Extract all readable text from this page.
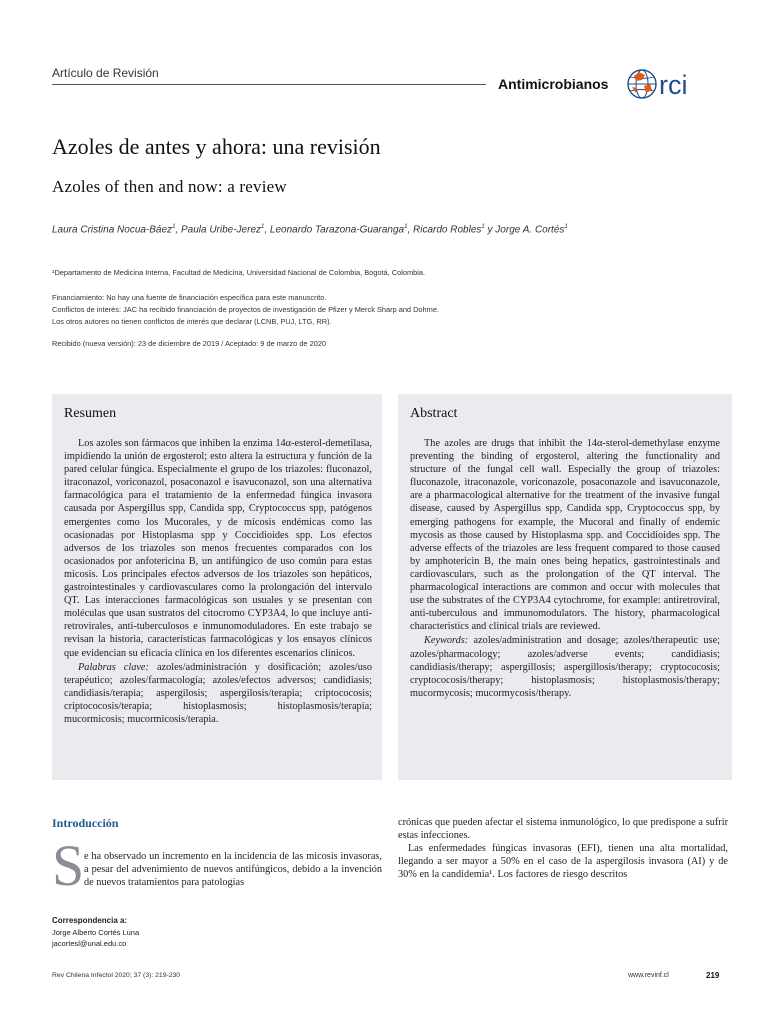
Artículo de Revisión
Antimicrobianos rci
Azoles de antes y ahora: una revisión
Azoles of then and now: a review
Laura Cristina Nocua-Báez$^1$, Paula Uribe-Jerez$^1$, Leonardo Tarazona-Guaranga$^1$, Ricardo Robles$^1$ y Jorge A. Cortés$^1$
¹Departamento de Medicina Interna, Facultad de Medicina, Universidad Nacional de Colombia, Bogotá, Colombia.
Financiamiento: No hay una fuente de financiación específica para este manuscrito.
Conflictos de interés: JAC ha recibido financiación de proyectos de investigación de Pfizer y Merck Sharp and Dohme.
Los otros autores no tienen conflictos de interés que declarar (LCNB, PUJ, LTG, RR).
Recibido (nueva versión): 23 de diciembre de 2019 / Aceptado: 9 de marzo de 2020
Resumen

Los azoles son fármacos que inhiben la enzima 14α-esterol-demetilasa, impidiendo la unión de ergosterol; esto altera la estructura y función de la pared celular fúngica. Especialmente el grupo de los triazoles: fluconazol, itraconazol, voriconazol, posaconazol e isavuconazol, son una alternativa farmacológica para el tratamiento de la enfermedad fúngica invasora causada por Aspergillus spp, Candida spp, Cryptococcus spp, patógenos emergentes como los Mucorales, y de micosis endémicas como las ocasionadas por Histoplasma spp y Coccidioides spp. Los efectos adversos de los triazoles son menos frecuentes comparados con los ocasionados por anfotericina B, un antifúngico de uso común para estas micosis. Los principales efectos adversos de los triazoles son hepáticos, gastrointestinales y cardiovasculares como la prolongación del intervalo QT. Las interacciones farmacológicas son usuales y se presentan con moléculas que usan sustratos del citocromo CYP3A4, lo que incluye anti-retrovirales, anti-tuberculosos e inmunomoduladores. En este trabajo se revisan la historia, características farmacológicas y los ensayos clínicos que evidencian su eficacia clínica en los diferentes escenarios clínicos.

Palabras clave: azoles/administración y dosificación; azoles/uso terapéutico; azoles/farmacología; azoles/efectos adversos; candidiasis; candidiasis/terapia; aspergilosis; aspergilosis/terapia; criptococosis; criptococosis/terapia; histoplasmosis; histoplasmosis/terapia; mucormicosis; mucormicosis/terapia.

Abstract

The azoles are drugs that inhibit the 14α-sterol-demethylase enzyme preventing the binding of ergosterol, altering the functionality and structure of the fungal cell wall. Especially the group of triazoles: fluconazole, itraconazole, voriconazole, posaconazole and isavuconazole, are a pharmacological alternative for the treatment of the invasive fungal disease, caused by Aspergillus spp, Candida spp, Cryptococcus spp, by emerging pathogens for example, the Mucoral and finally of endemic mycosis as those caused by Histoplasma spp. and Coccidioides spp. The adverse effects of the triazoles are less frequent compared to those caused by amphotericin B, the main ones being hepatics, gastrointestinals and cardiovasculars, such as the prolongation of the QT interval. The pharmacological interactions are common and occur with molecules that use the substrates of the CYP3A4 cytochrome, for example: antiretroviral, anti-tuberculous and immunomodulators. The history, pharmacological characteristics and clinical trials are reviewed.

Keywords: azoles/administration and dosage; azoles/therapeutic use; azoles/pharmacology; azoles/adverse events; candidiasis; candidiasis/therapy; aspergillosis; aspergillosis/therapy; cryptococosis; cryptococosis/therapy; histoplasmosis; histoplasmosis/therapy; mucormycosis; mucormycosis/therapy.

Introducción
S e ha observado un incremento en la incidencia de las micosis invasoras, a pesar del advenimiento de nuevos antifúngicos, debido a la invención de nuevos tratamientos para patologías

crónicas que pueden afectar el sistema inmunológico, lo que predispone a sufrir estas infecciones.

Las enfermedades fúngicas invasoras (EFI), tienen una alta mortalidad, llegando a ser mayor a 50% en el caso de la aspergilosis invasora (AI) y de 30% en la candidemia¹. Los factores de riesgo descritos

Correspondencia a:
Jorge Alberto Cortés Luna
jacortesl@unal.edu.co
Rev Chilena Infectol 2020; 37 (3): 219-230	www.revinf.cl	219
